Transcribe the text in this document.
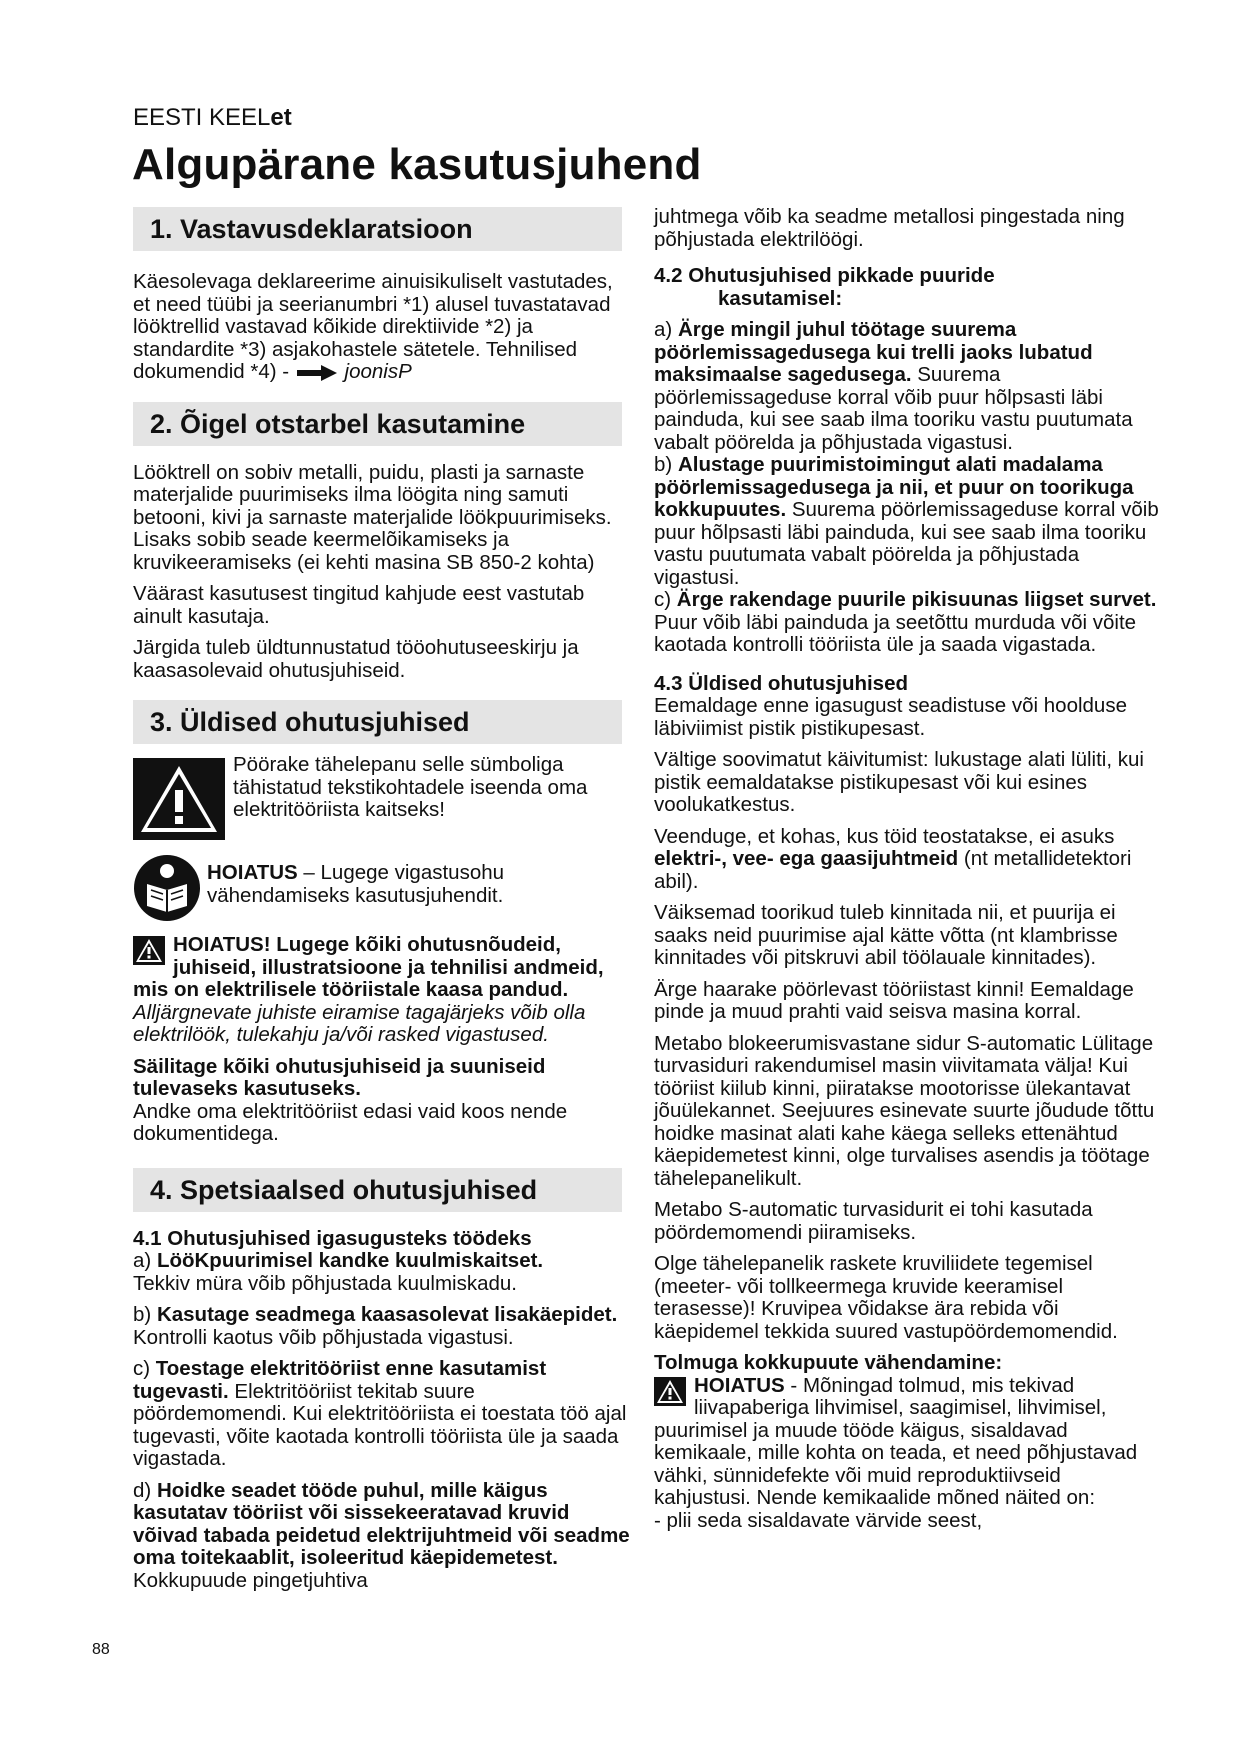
EESTI KEELet
Algupärane kasutusjuhend
1. Vastavusdeklaratsioon

Käesolevaga deklareerime ainuisikuliselt vastutades, et need tüübi ja seerianumbri *1) alusel tuvastatavad lööktrellid vastavad kõikide direktiivide *2) ja standardite *3) asjakohastele sätetele. Tehnilised dokumendid *4) -	joonisP

2. Õigel otstarbel kasutamine

Lööktrell on sobiv metalli, puidu, plasti ja sarnaste materjalide puurimiseks ilma löögita ning samuti betooni, kivi ja sarnaste materjalide löökpuurimiseks. Lisaks sobib seade keermelõikamiseks ja kruvikeeramiseks (ei kehti masina SB 850-2 kohta)

Väärast kasutusest tingitud kahjude eest vastutab ainult kasutaja.

Järgida tuleb üldtunnustatud tööohutuseeskirju ja kaasasolevaid ohutusjuhiseid.

3. Üldised ohutusjuhised

Pöörake tähelepanu selle sümboliga tähistatud tekstikohtadele iseenda oma elektritööriista kaitseks!

HOIATUS – Lugege vigastusohu vähendamiseks kasutusjuhendit.

HOIATUS! Lugege kõiki ohutusnõudeid, juhiseid, illustratsioone ja tehnilisi andmeid, mis on elektrilisele tööriistale kaasa pandud. Alljärgnevate juhiste eiramise tagajärjeks võib olla elektrilöök, tulekahju ja/või rasked vigastused.

Säilitage kõiki ohutusjuhiseid ja suuniseid tulevaseks kasutuseks.
Andke oma elektritööriist edasi vaid koos nende dokumentidega.

4. Spetsiaalsed ohutusjuhised

4.1 Ohutusjuhised igasugusteks töödeks

a) LööKpuurimisel kandke kuulmiskaitset.
Tekkiv müra võib põhjustada kuulmiskadu.

b) Kasutage seadmega kaasasolevat lisakäepidet. Kontrolli kaotus võib põhjustada vigastusi.

c) Toestage elektritööriist enne kasutamist tugevasti. Elektritööriist tekitab suure pöördemomendi. Kui elektritööriista ei toestata töö ajal tugevasti, võite kaotada kontrolli tööriista üle ja saada vigastada.

d) Hoidke seadet tööde puhul, mille käigus kasutatav tööriist või sissekeeratavad kruvid võivad tabada peidetud elektrijuhtmeid või seadme oma toitekaablit, isoleeritud käepidemetest. Kokkupuude pingetjuhtiva

juhtmega võib ka seadme metallosi pingestada ning põhjustada elektrilöögi.

4.2 Ohutusjuhised pikkade puuride
kasutamisel:

a) Ärge mingil juhul töötage suurema pöörlemissagedusega kui trelli jaoks lubatud maksimaalse sagedusega. Suurema pöörlemissageduse korral võib puur hõlpsasti läbi painduda, kui see saab ilma tooriku vastu puutumata vabalt pöörelda ja põhjustada vigastusi.

b) Alustage puurimistoimingut alati madalama pöörlemissagedusega ja nii, et puur on toorikuga kokkupuutes. Suurema pöörlemissageduse korral võib puur hõlpsasti läbi painduda, kui see saab ilma tooriku vastu puutumata vabalt pöörelda ja põhjustada vigastusi.

c) Ärge rakendage puurile pikisuunas liigset survet. Puur võib läbi painduda ja seetõttu murduda või võite kaotada kontrolli tööriista üle ja saada vigastada.

4.3 Üldised ohutusjuhised

Eemaldage enne igasugust seadistuse või hoolduse läbiviimist pistik pistikupesast.

Vältige soovimatut käivitumist: lukustage alati lüliti, kui pistik eemaldatakse pistikupesast või kui esines voolukatkestus.

Veenduge, et kohas, kus töid teostatakse, ei asuks elektri-, vee- ega gaasijuhtmeid (nt metallidetektori abil).

Väiksemad toorikud tuleb kinnitada nii, et puurija ei saaks neid puurimise ajal kätte võtta (nt klambrisse kinnitades või pitskruvi abil töölauale kinnitades).

Ärge haarake pöörlevast tööriistast kinni! Eemaldage pinde ja muud prahti vaid seisva masina korral.

Metabo blokeerumisvastane sidur S-automatic Lülitage turvasiduri rakendumisel masin viivitamata välja! Kui tööriist kiilub kinni, piiratakse mootorisse ülekantavat jõuülekannet. Seejuures esinevate suurte jõudude tõttu hoidke masinat alati kahe käega selleks ettenähtud käepidemetest kinni, olge turvalises asendis ja töötage tähelepanelikult.

Metabo S-automatic turvasidurit ei tohi kasutada pöördemomendi piiramiseks.

Olge tähelepanelik raskete kruviliidete tegemisel (meeter- või tollkeermega kruvide keeramisel terasesse)! Kruvipea võidakse ära rebida või käepidemel tekkida suured vastupöördemomendid.

Tolmuga kokkupuute vähendamine:

HOIATUS - Mõningad tolmud, mis tekivad liivapaberiga lihvimisel, saagimisel, lihvimisel, puurimisel ja muude tööde käigus, sisaldavad kemikaale, mille kohta on teada, et need põhjustavad vähki, sünnidefekte või muid reproduktiivseid kahjustusi. Nende kemikaalide mõned näited on:

- plii seda sisaldavate värvide seest,

88
